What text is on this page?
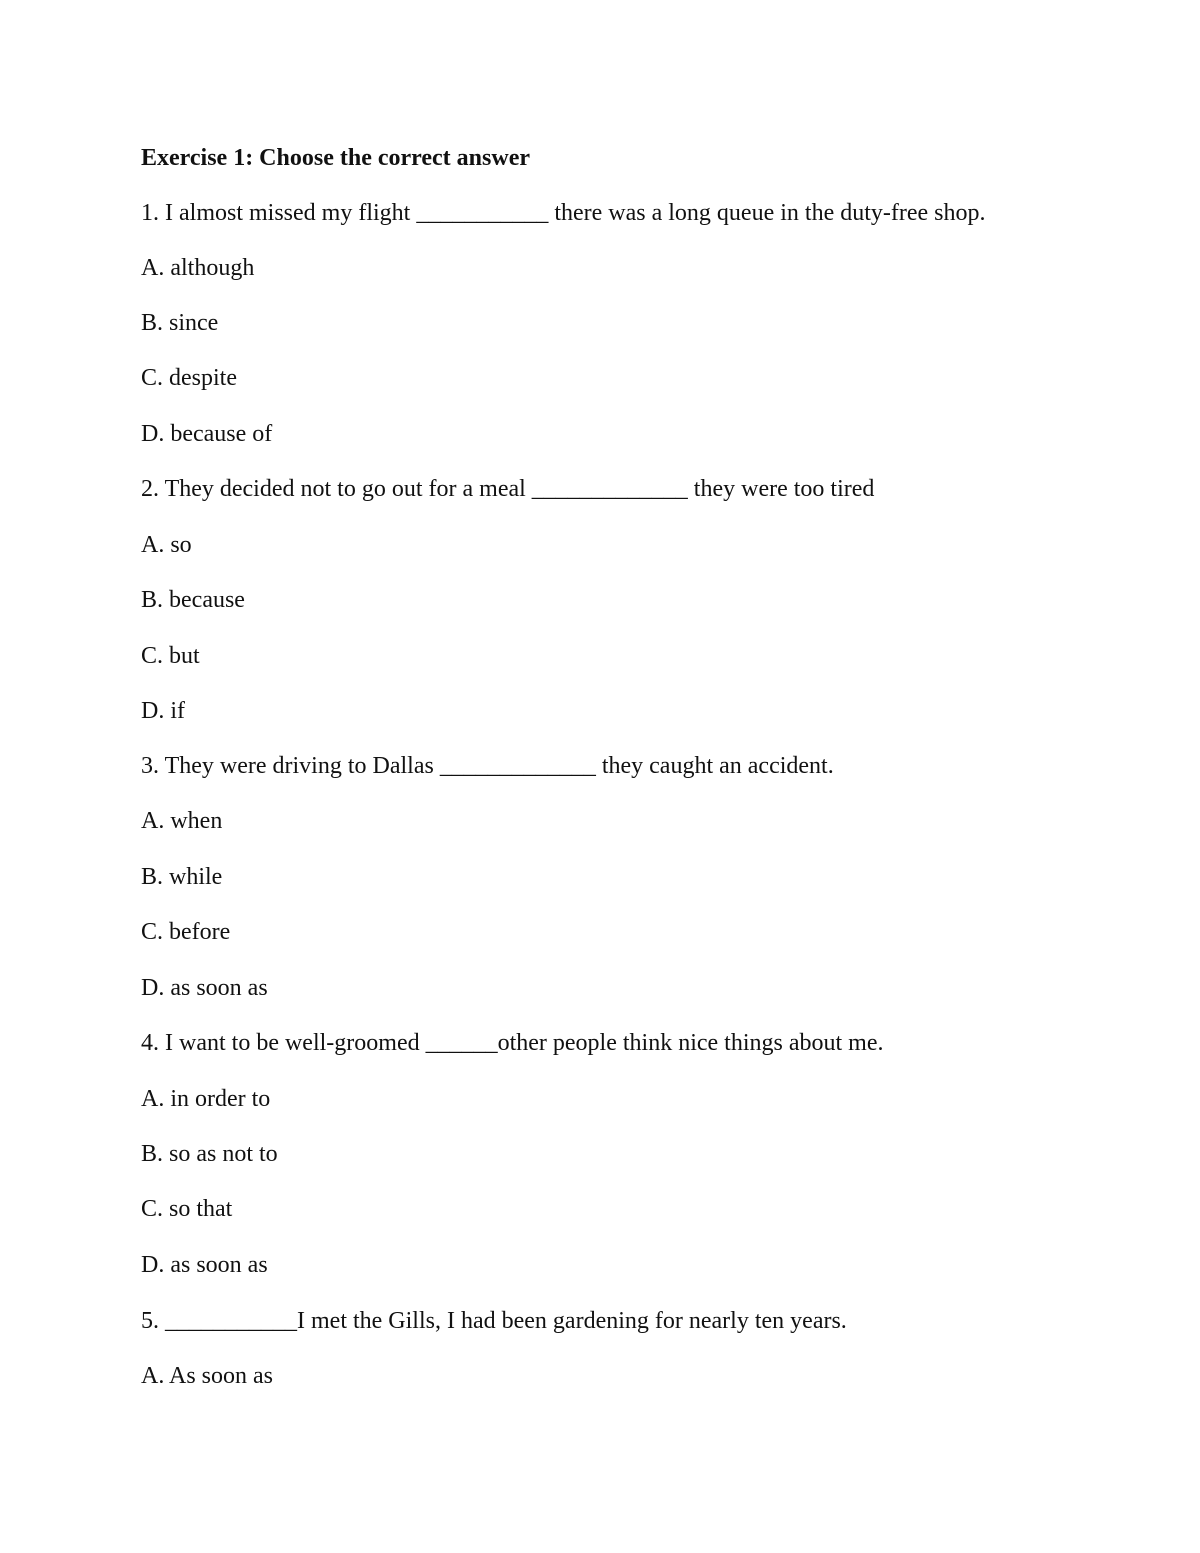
Exercise 1: Choose the correct answer
1. I almost missed my flight ___________ there was a long queue in the duty-free shop.
A. although
B. since
C. despite
D. because of
2. They decided not to go out for a meal _____________ they were too tired
A. so
B. because
C. but
D. if
3. They were driving to Dallas _____________ they caught an accident.
A. when
B. while
C. before
D. as soon as
4. I want to be well-groomed ______other people think nice things about me.
A. in order to
B. so as not to
C. so that
D. as soon as
5. ___________I met the Gills, I had been gardening for nearly ten years.
A. As soon as
